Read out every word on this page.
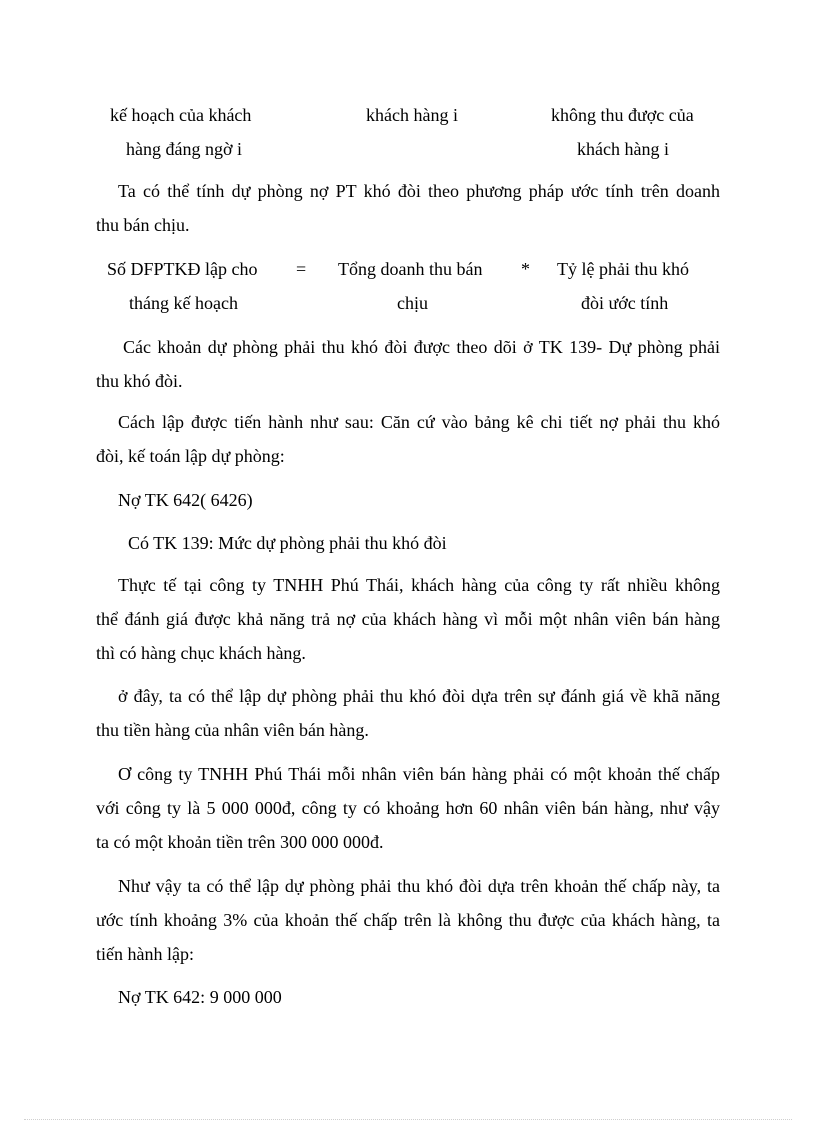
kế hoạch của khách
hàng đáng ngờ i
khách hàng i	không thu được của
khách hàng i
Ta có thể tính dự phòng nợ PT khó đòi theo phương pháp ước tính trên doanh
thu bán chịu.
Số DFPTKĐ lập cho
tháng kế hoạch
= Tổng doanh thu bán
chịu
* Tỷ lệ phải thu khó
đòi ước tính
Các khoản dự phòng phải thu khó đòi được theo dõi ở TK 139- Dự phòng phải
thu khó đòi.
Cách lập được tiến hành như sau: Căn cứ vào bảng kê chi tiết nợ phải thu khó
đòi, kế toán lập dự phòng:
Nợ TK 642( 6426)
Có TK 139: Mức dự phòng phải thu khó đòi
Thực tế tại công ty TNHH Phú Thái, khách hàng của công ty rất nhiều không
thể đánh giá được khả năng trả nợ của khách hàng vì mỗi một nhân viên bán hàng
thì có hàng chục khách hàng.
ở đây, ta có thể lập dự phòng phải thu khó đòi dựa trên sự đánh giá về khã năng
thu tiền hàng của nhân viên bán hàng.
Ơ công ty TNHH Phú Thái mỗi nhân viên bán hàng phải có một khoản thế chấp
với công ty là 5 000 000đ, công ty có khoảng hơn 60 nhân viên bán hàng, như vậy
ta có một khoản tiền trên 300 000 000đ.
Như vậy ta có thể lập dự phòng phải thu khó đòi dựa trên khoản thế chấp này, ta
ước tính khoảng 3% của khoản thế chấp trên là không thu được của khách hàng, ta
tiến hành lập:
Nợ TK 642: 9 000 000
